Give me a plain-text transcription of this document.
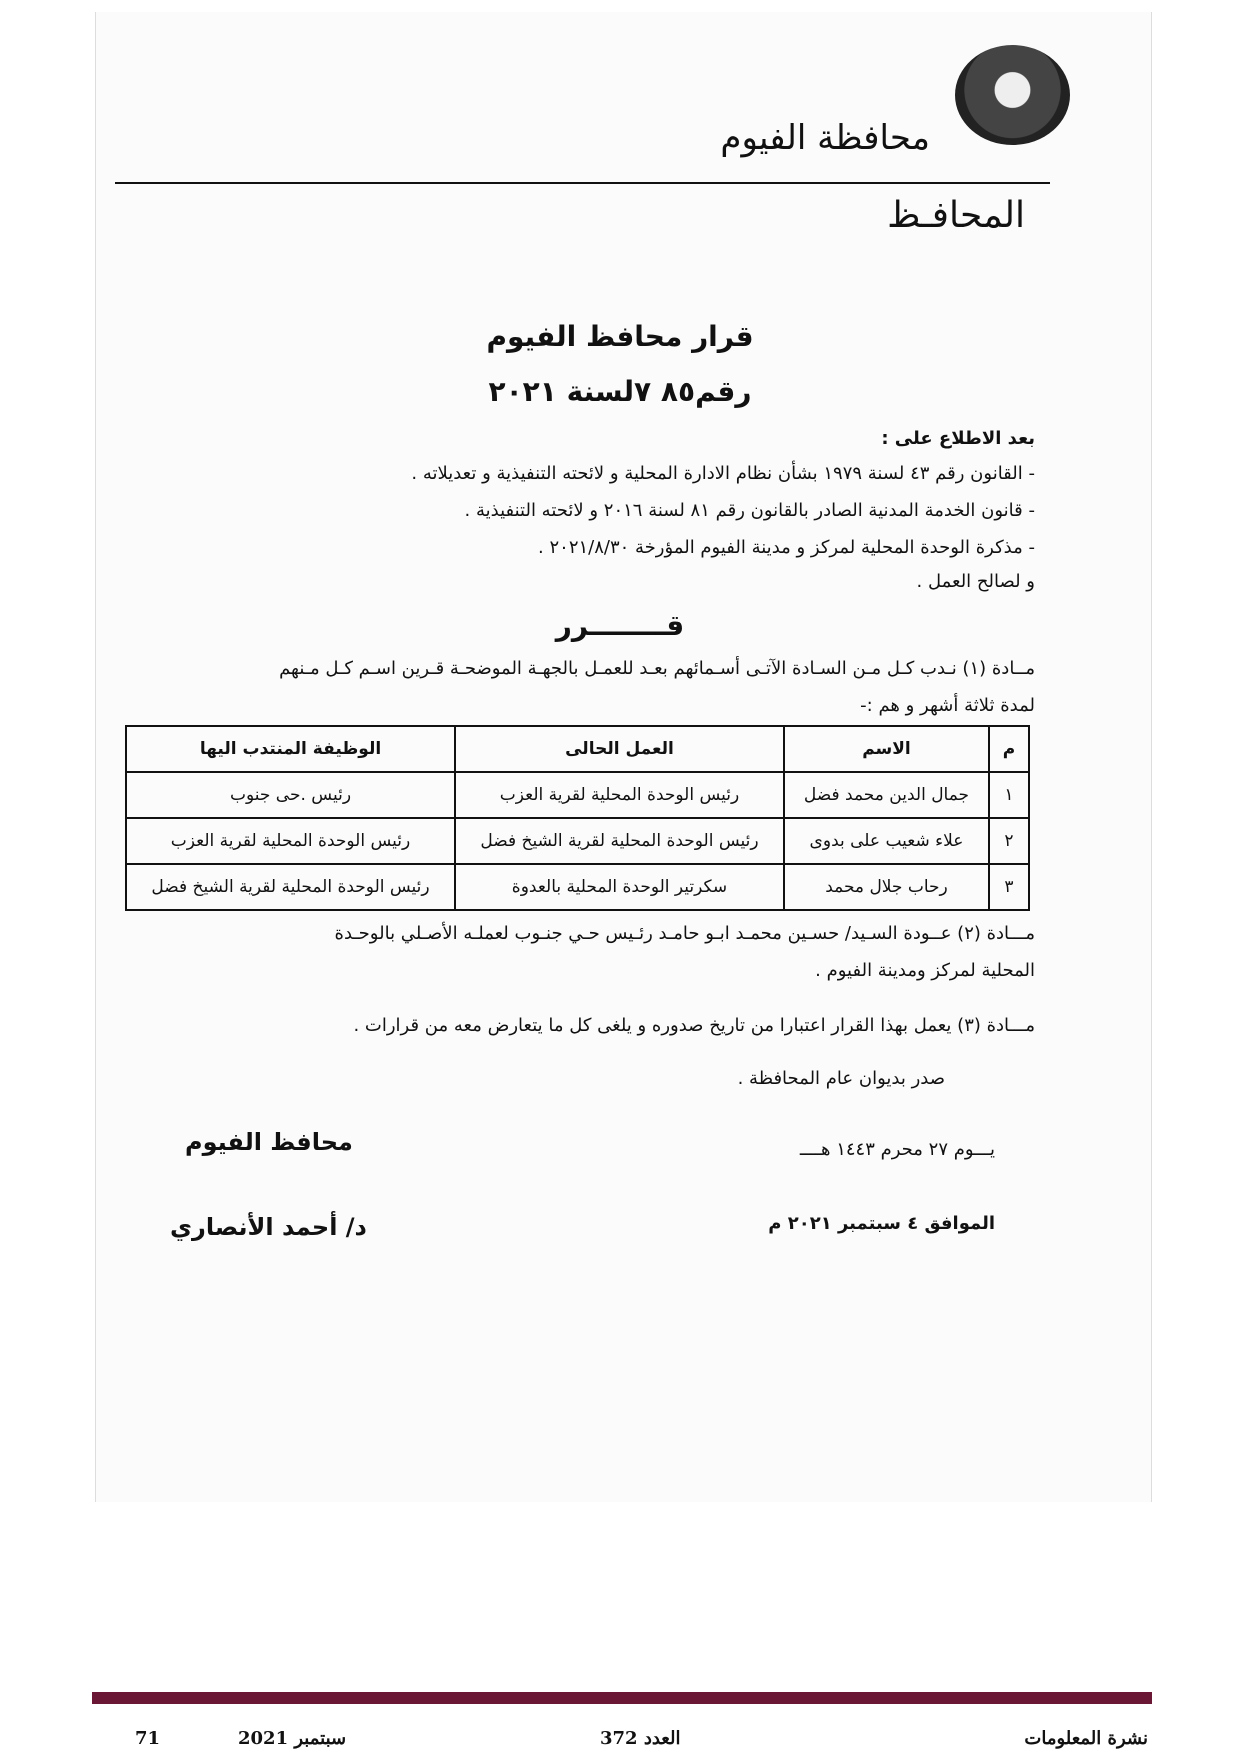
محافظة الفيوم
المحافـظ
قرار محافظ الفيوم
رقم٨٥ ٧لسنة ٢٠٢١
بعد الاطلاع على :
- القانون رقم ٤٣ لسنة ١٩٧٩ بشأن نظام الادارة المحلية و لائحته التنفيذية و تعديلاته .
- قانون الخدمة المدنية الصادر بالقانون رقم ٨١ لسنة ٢٠١٦ و لائحته التنفيذية .
- مذكرة الوحدة المحلية لمركز و مدينة الفيوم المؤرخة ٢٠٢١/٨/٣٠ .
و لصالح العمل .
قــــــــرر
مــادة (١) نـدب كـل مـن السـادة الآتـى أسـمائهم بعـد للعمـل بالجهـة الموضحـة قـرين اسـم كـل مـنهم
لمدة ثلاثة أشهر و هم :-
م	الاسم	العمل الحالى	الوظيفة المنتدب اليها
١	جمال الدين محمد فضل	رئيس الوحدة المحلية لقرية العزب	رئيس .حى جنوب
٢	علاء شعيب على بدوى	رئيس الوحدة المحلية لقرية الشيخ فضل	رئيس الوحدة المحلية لقرية العزب
٣	رحاب جلال محمد	سكرتير الوحدة المحلية بالعدوة	رئيس الوحدة المحلية لقرية الشيخ فضل
مـــادة (٢) عــودة السـيد/ حسـين محمـد ابـو حامـد رئـيس حـي جنـوب لعملـه الأصـلي بالوحـدة
المحلية لمركز ومدينة الفيوم .
مـــادة (٣) يعمل بهذا القرار اعتبارا من تاريخ صدوره و يلغى كل ما يتعارض معه من قرارات .
صدر بديوان عام المحافظة .
يـــوم ٢٧ محرم ١٤٤٣ هــــ
الموافق ٤ سبتمبر ٢٠٢١ م
محافظ الفيوم
د/ أحمد الأنصاري
71	سبتمبر 2021	العدد 372	نشرة المعلومات
